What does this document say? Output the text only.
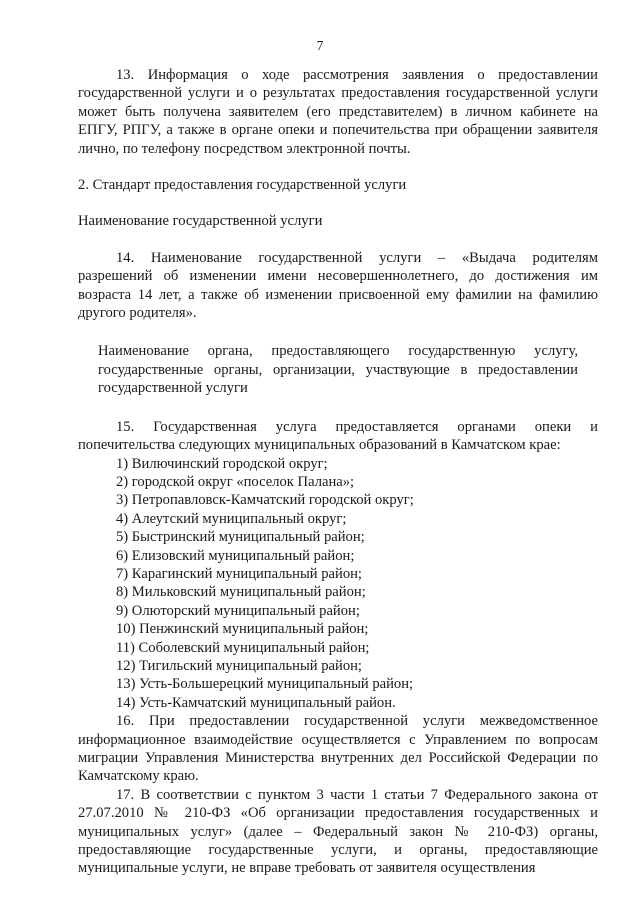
7

13. Информация о ходе рассмотрения заявления о предоставлении государственной услуги и о результатах предоставления государственной услуги может быть получена заявителем (его представителем) в личном кабинете на ЕПГУ, РПГУ, а также в органе опеки и попечительства при обращении заявителя лично, по телефону посредством электронной почты.

2. Стандарт предоставления государственной услуги

Наименование государственной услуги

14. Наименование государственной услуги – «Выдача родителям разрешений об изменении имени несовершеннолетнего, до достижения им возраста 14 лет, а также об изменении присвоенной ему фамилии на фамилию другого родителя».

Наименование органа, предоставляющего государственную услугу, государственные органы, организации, участвующие в предоставлении государственной услуги

15. Государственная услуга предоставляется органами опеки и попечительства следующих муниципальных образований в Камчатском крае:

1) Вилючинский городской округ;
2) городской округ «поселок Палана»;
3) Петропавловск-Камчатский городской округ;
4) Алеутский муниципальный округ;
5) Быстринский муниципальный район;
6) Елизовский муниципальный район;
7) Карагинский муниципальный район;
8) Мильковский муниципальный район;
9) Олюторский муниципальный район;
10) Пенжинский муниципальный район;
11) Соболевский муниципальный район;
12) Тигильский муниципальный район;
13) Усть-Большерецкий муниципальный район;
14) Усть-Камчатский муниципальный район.

16. При предоставлении государственной услуги межведомственное информационное взаимодействие осуществляется с Управлением по вопросам миграции Управления Министерства внутренних дел Российской Федерации по Камчатскому краю.

17. В соответствии с пунктом 3 части 1 статьи 7 Федерального закона от 27.07.2010 № 210-ФЗ «Об организации предоставления государственных и муниципальных услуг» (далее – Федеральный закон № 210-ФЗ) органы, предоставляющие государственные услуги, и органы, предоставляющие муниципальные услуги, не вправе требовать от заявителя осуществления
